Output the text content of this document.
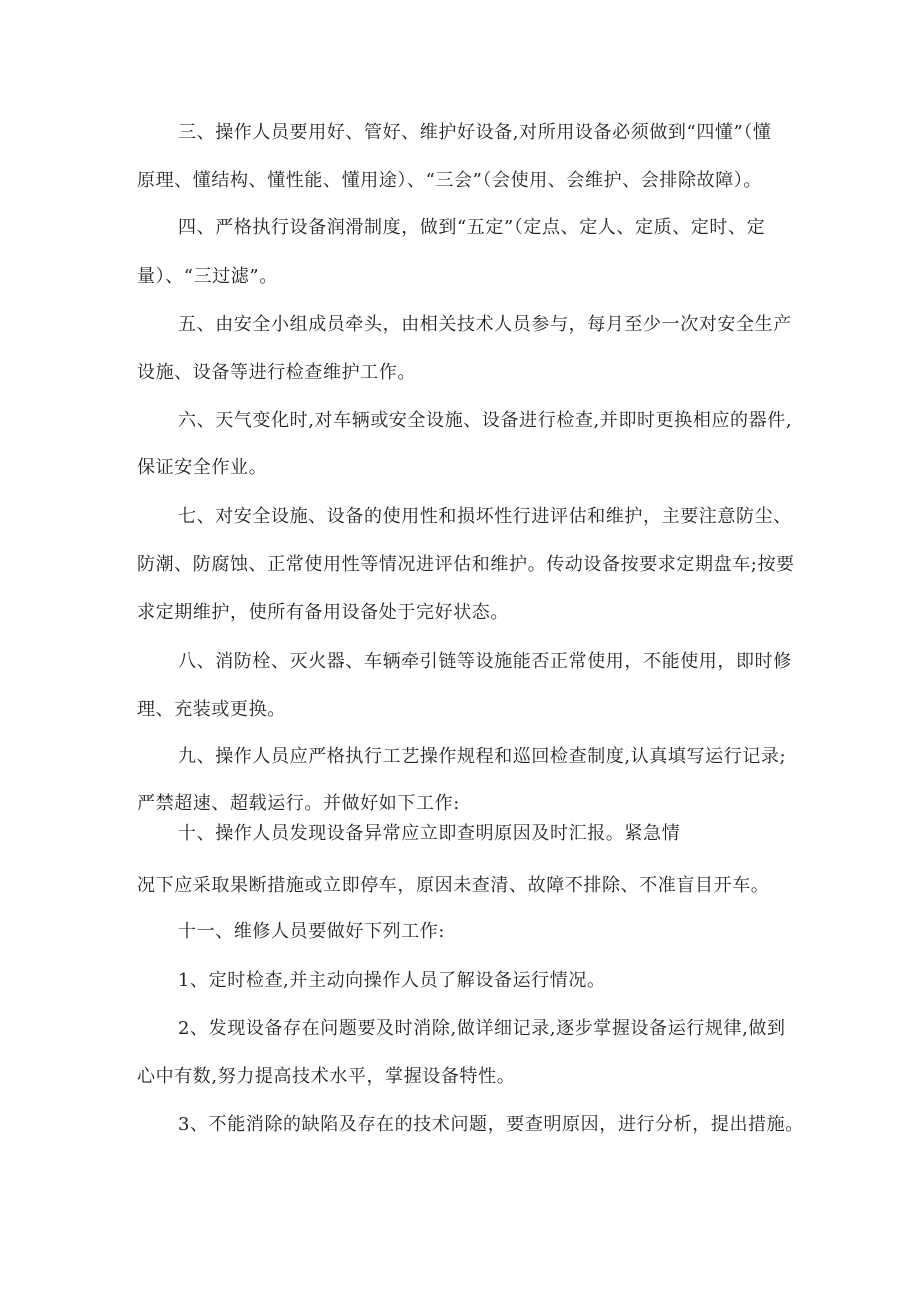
三、操作人员要用好、管好、维护好设备,对所用设备必须做到“四懂”（懂
原理、懂结构、懂性能、懂用途）、“三会”（会使用、会维护、会排除故障）。
四、严格执行设备润滑制度，做到“五定”（定点、定人、定质、定时、定
量）、“三过滤”。
五、由安全小组成员牵头，由相关技术人员参与，每月至少一次对安全生产
设施、设备等进行检查维护工作。
六、天气变化时,对车辆或安全设施、设备进行检查,并即时更换相应的器件,
保证安全作业。
七、对安全设施、设备的使用性和损坏性行进评估和维护，主要注意防尘、
防潮、防腐蚀、正常使用性等情况进评估和维护。传动设备按要求定期盘车;按要
求定期维护，使所有备用设备处于完好状态。
八、消防栓、灭火器、车辆牵引链等设施能否正常使用，不能使用，即时修
理、充装或更换。
九、操作人员应严格执行工艺操作规程和巡回检查制度,认真填写运行记录;
严禁超速、超载运行。并做好如下工作:
十、操作人员发现设备异常应立即查明原因及时汇报。紧急情
况下应采取果断措施或立即停车，原因未查清、故障不排除、不准盲目开车。
十一、维修人员要做好下列工作:
1、定时检查,并主动向操作人员了解设备运行情况。
2、发现设备存在问题要及时消除,做详细记录,逐步掌握设备运行规律,做到
心中有数,努力提高技术水平，掌握设备特性。
3、不能消除的缺陷及存在的技术问题，要查明原因，进行分析，提出措施。
